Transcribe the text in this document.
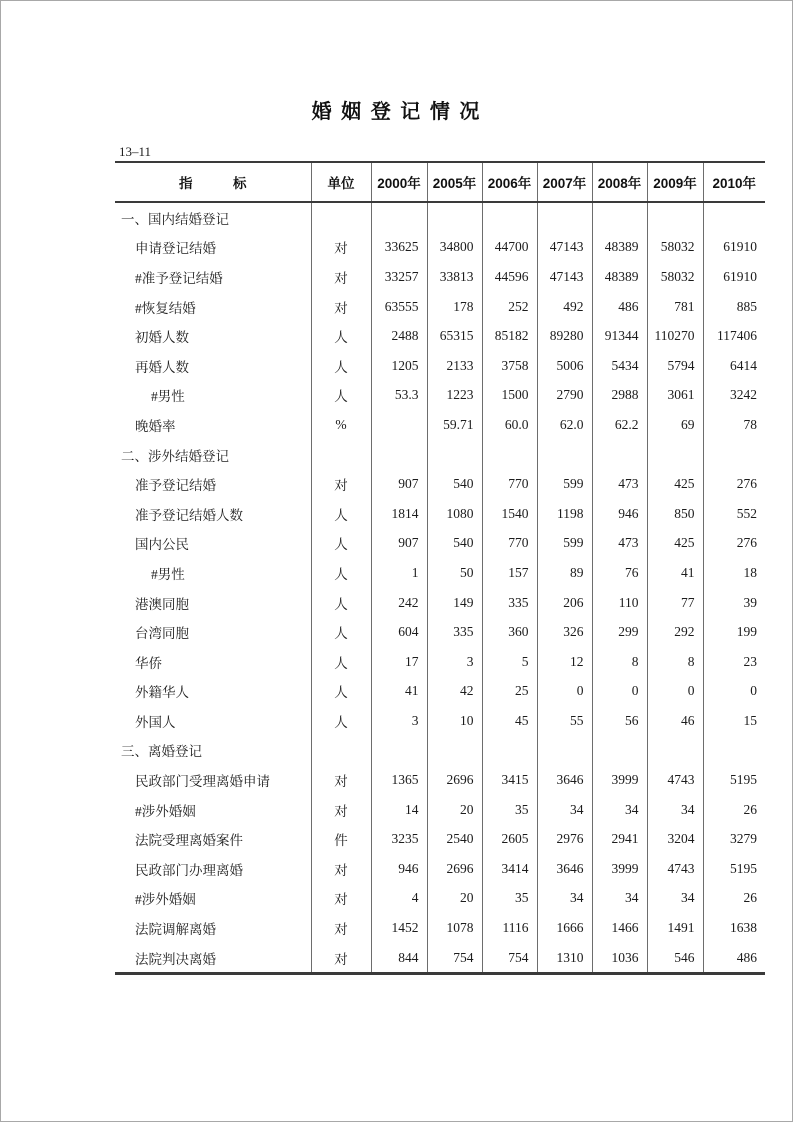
婚 姻 登 记 情 况
13–11
指　　　标	单位	2000年	2005年	2006年	2007年	2008年	2009年	2010年
一、国内结婚登记								
申请登记结婚	对	33625	34800	44700	47143	48389	58032	61910
#准予登记结婚	对	33257	33813	44596	47143	48389	58032	61910
#恢复结婚	对	63555	178	252	492	486	781	885
初婚人数	人	2488	65315	85182	89280	91344	110270	117406
再婚人数	人	1205	2133	3758	5006	5434	5794	6414
#男性	人	53.3	1223	1500	2790	2988	3061	3242
晚婚率	%		59.71	60.0	62.0	62.2	69	78
二、涉外结婚登记								
准予登记结婚	对	907	540	770	599	473	425	276
准予登记结婚人数	人	1814	1080	1540	1198	946	850	552
国内公民	人	907	540	770	599	473	425	276
#男性	人	1	50	157	89	76	41	18
港澳同胞	人	242	149	335	206	110	77	39
台湾同胞	人	604	335	360	326	299	292	199
华侨	人	17	3	5	12	8	8	23
外籍华人	人	41	42	25	0	0	0	0
外国人	人	3	10	45	55	56	46	15
三、离婚登记								
民政部门受理离婚申请	对	1365	2696	3415	3646	3999	4743	5195
#涉外婚姻	对	14	20	35	34	34	34	26
法院受理离婚案件	件	3235	2540	2605	2976	2941	3204	3279
民政部门办理离婚	对	946	2696	3414	3646	3999	4743	5195
#涉外婚姻	对	4	20	35	34	34	34	26
法院调解离婚	对	1452	1078	1116	1666	1466	1491	1638
法院判决离婚	对	844	754	754	1310	1036	546	486
